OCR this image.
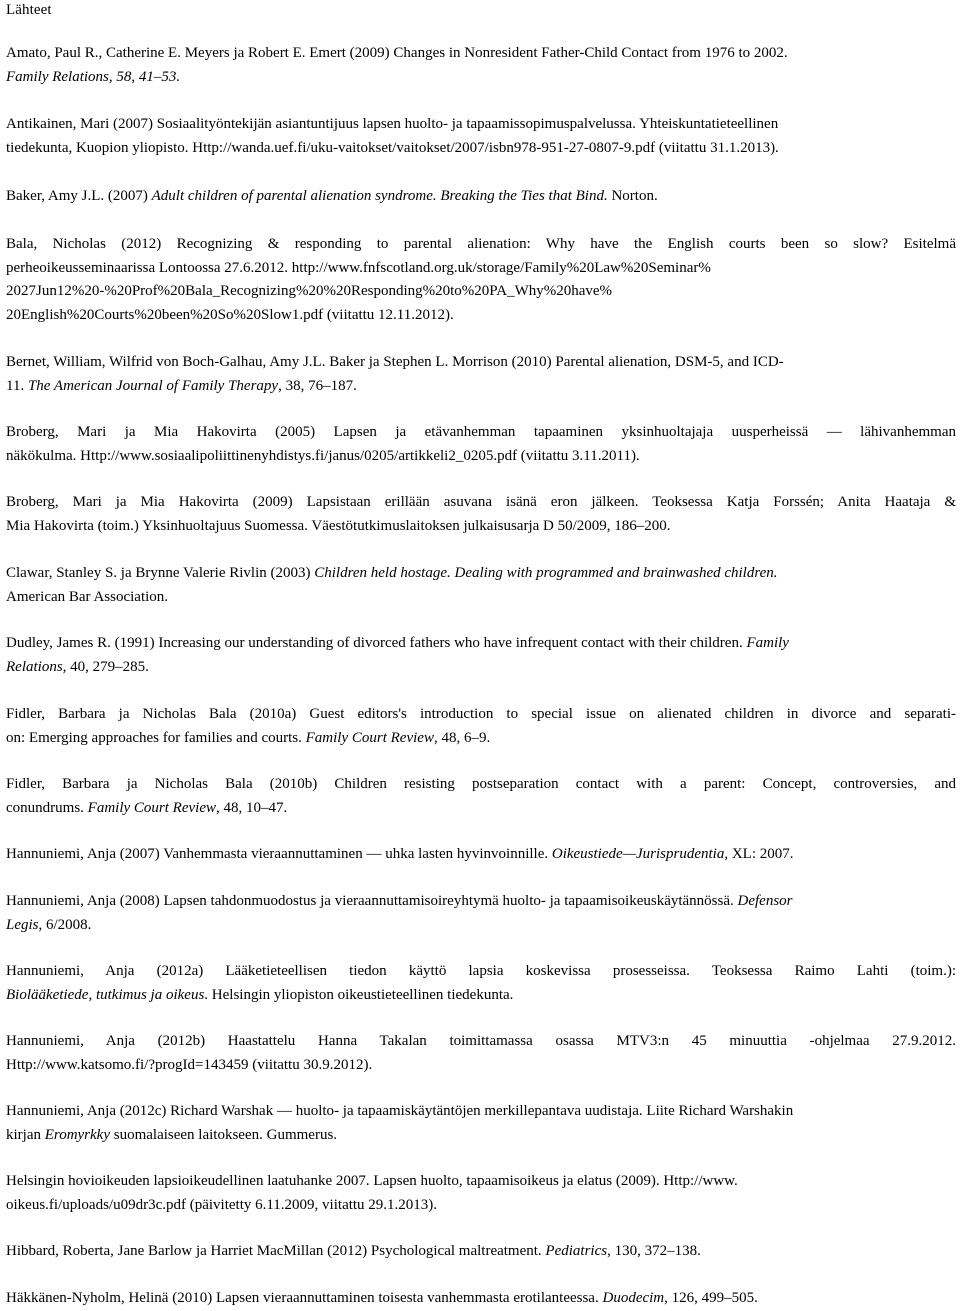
Lähteet
Amato, Paul R., Catherine E. Meyers ja Robert E. Emert (2009) Changes in Nonresident Father-Child Contact from 1976 to 2002.
Family Relations, 58, 41–53.
Antikainen, Mari (2007) Sosiaalityöntekijän asiantuntijuus lapsen huolto- ja tapaamissopimuspalvelussa. Yhteiskuntatieteellinen
tiedekunta, Kuopion yliopisto. Http://wanda.uef.fi/uku-vaitokset/vaitokset/2007/isbn978-951-27-0807-9.pdf (viitattu 31.1.2013).
Baker, Amy J.L. (2007) Adult children of parental alienation syndrome. Breaking the Ties that Bind. Norton.
Bala, Nicholas (2012) Recognizing & responding to parental alienation: Why have the English courts been so slow? Esitelmä
perheoikeusseminaarissa Lontoossa 27.6.2012. http://www.fnfscotland.org.uk/storage/Family%20Law%20Seminar%
2027Jun12%20-%20Prof%20Bala_Recognizing%20%20Responding%20to%20PA_Why%20have%
20English%20Courts%20been%20So%20Slow1.pdf (viitattu 12.11.2012).
Bernet, William, Wilfrid von Boch-Galhau, Amy J.L. Baker ja Stephen L. Morrison (2010) Parental alienation, DSM-5, and ICD-
11. The American Journal of Family Therapy, 38, 76–187.
Broberg, Mari ja Mia Hakovirta (2005) Lapsen ja etävanhemman tapaaminen yksinhuoltajaja uusperheissä — lähivanhemman
näkökulma. Http://www.sosiaalipoliittinenyhdistys.fi/janus/0205/artikkeli2_0205.pdf (viitattu 3.11.2011).
Broberg, Mari ja Mia Hakovirta (2009) Lapsistaan erillään asuvana isänä eron jälkeen. Teoksessa Katja Forssén; Anita Haataja &
Mia Hakovirta (toim.) Yksinhuoltajuus Suomessa. Väestötutkimuslaitoksen julkaisusarja D 50/2009, 186–200.
Clawar, Stanley S. ja Brynne Valerie Rivlin (2003) Children held hostage. Dealing with programmed and brainwashed children.
American Bar Association.
Dudley, James R. (1991) Increasing our understanding of divorced fathers who have infrequent contact with their children. Family
Relations, 40, 279–285.
Fidler, Barbara ja Nicholas Bala (2010a) Guest editors's introduction to special issue on alienated children in divorce and separati-
on: Emerging approaches for families and courts. Family Court Review, 48, 6–9.
Fidler, Barbara ja Nicholas Bala (2010b) Children resisting postseparation contact with a parent: Concept, controversies, and
conundrums. Family Court Review, 48, 10–47.
Hannuniemi, Anja (2007) Vanhemmasta vieraannuttaminen — uhka lasten hyvinvoinnille. Oikeustiede—Jurisprudentia, XL: 2007.
Hannuniemi, Anja (2008) Lapsen tahdonmuodostus ja vieraannuttamisoireyhtymä huolto- ja tapaamisoikeuskäytännössä. Defensor
Legis, 6/2008.
Hannuniemi, Anja (2012a) Lääketieteellisen tiedon käyttö lapsia koskevissa prosesseissa. Teoksessa Raimo Lahti (toim.):
Biolääketiede, tutkimus ja oikeus. Helsingin yliopiston oikeustieteellinen tiedekunta.
Hannuniemi, Anja (2012b) Haastattelu Hanna Takalan toimittamassa osassa MTV3:n 45 minuuttia -ohjelmaa 27.9.2012.
Http://www.katsomo.fi/?progId=143459 (viitattu 30.9.2012).
Hannuniemi, Anja (2012c) Richard Warshak — huolto- ja tapaamiskäytäntöjen merkillepantava uudistaja. Liite Richard Warshakin
kirjan Eromyrkky suomalaiseen laitokseen. Gummerus.
Helsingin hovioikeuden lapsioikeudellinen laatuhanke 2007. Lapsen huolto, tapaamisoikeus ja elatus (2009). Http://www.
oikeus.fi/uploads/u09dr3c.pdf (päivitetty 6.11.2009, viitattu 29.1.2013).
Hibbard, Roberta, Jane Barlow ja Harriet MacMillan (2012) Psychological maltreatment. Pediatrics, 130, 372–138.
Häkkänen-Nyholm, Helinä (2010) Lapsen vieraannuttaminen toisesta vanhemmasta erotilanteessa. Duodecim, 126, 499–505.
